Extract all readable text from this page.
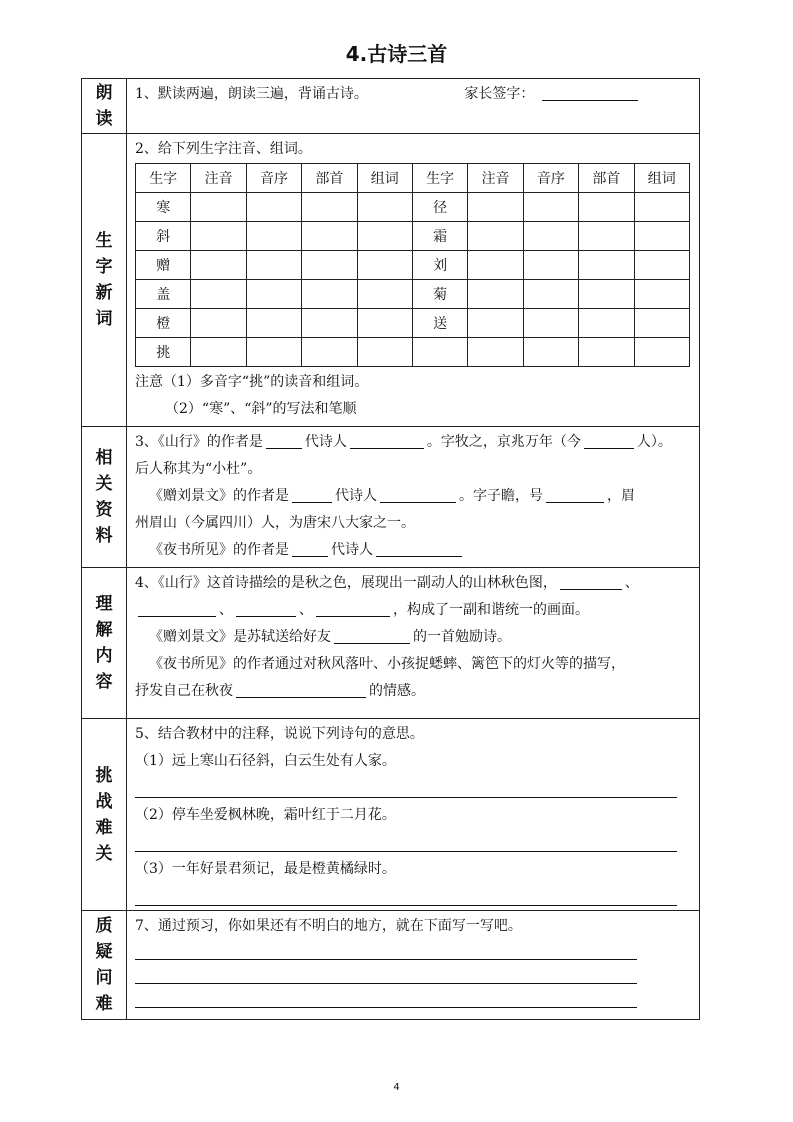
4.古诗三首
朗
读

1、默读两遍，朗读三遍，背诵古诗。	家长签字：

生
字
新
词

2、给下列生字注音、组词。
生字	注音	音序	部首	组词	生字	注音	音序	部首	组词
寒					径				
斜					霜				
赠					刘				
盖					菊				
橙					送				
挑									
注意（1）多音字“挑”的读音和组词。
（2）“寒”、“斜”的写法和笔顺

相
关
资
料

3、《山行》的作者是	代诗人	。字牧之，京兆万年（今	人）。
后人称其为“小杜”。
《赠刘景文》的作者是	代诗人	。字子瞻，号	，眉
州眉山（今属四川）人，为唐宋八大家之一。
《夜书所见》的作者是	代诗人

理
解
内
容

4、《山行》这首诗描绘的是秋之色，展现出一副动人的山林秋色图，	、
、	、	，构成了一副和谐统一的画面。
《赠刘景文》是苏轼送给好友	的一首勉励诗。
《夜书所见》的作者通过对秋风落叶、小孩捉蟋蟀、篱笆下的灯火等的描写，
抒发自己在秋夜	的情感。

挑
战
难
关

5、结合教材中的注释，说说下列诗句的意思。
（1）远上寒山石径斜，白云生处有人家。
（2）停车坐爱枫林晚，霜叶红于二月花。
（3）一年好景君须记，最是橙黄橘绿时。

质
疑
问
难

7、通过预习，你如果还有不明白的地方，就在下面写一写吧。
4
